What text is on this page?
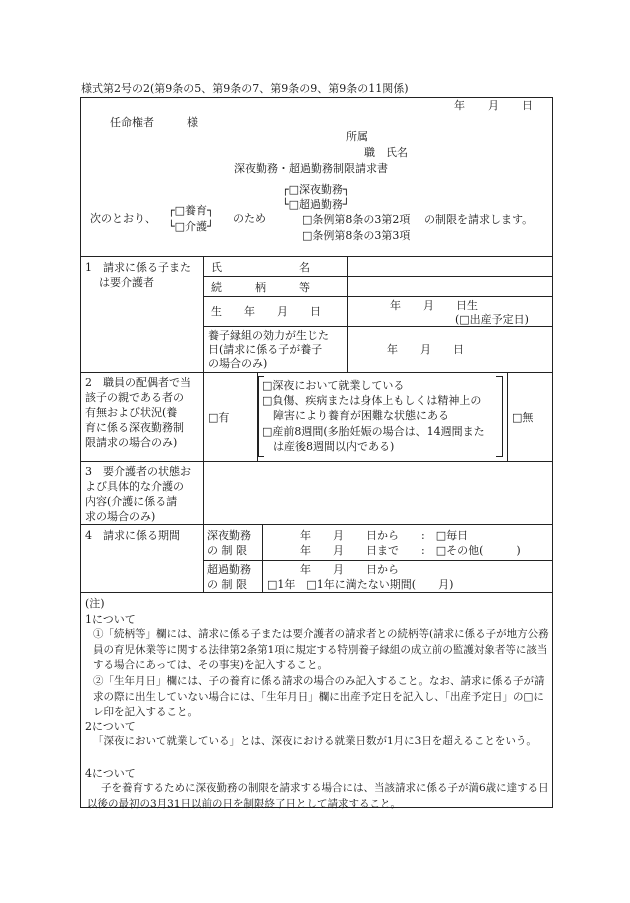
様式第2号の2(第9条の5、第9条の7、第9条の9、第9条の11関係)
年 月 日
任命権者　　　様
所属
職　氏名
深夜勤務・超過勤務制限請求書
次のとおり、
┌□養育┐
└□介護┘
のため
┌□深夜勤務┐
└□超過勤務┘
□条例第8条の3第2項
□条例第8条の3第3項
の制限を請求します。
1　請求に係る子また
は要介護者
氏　　　　　　　名
続　　　柄　　　等
生　　年　　月　　日	年　　月　　日生
(□出産予定日)
養子縁組の効力が生じた
日(請求に係る子が養子
の場合のみ)
年　　月　　日
2　職員の配偶者で当
該子の親である者の
有無および状況(養
育に係る深夜勤務制
限請求の場合のみ)
□有
□深夜において就業している
□負傷、疾病または身体上もしくは精神上の
　障害により養育が困難な状態にある
□産前8週間(多胎妊娠の場合は、14週間また
　は産後8週間以内である)
□無
3　要介護者の状態お
よび具体的な介護の
内容(介護に係る請
求の場合のみ)
4　請求に係る期間 深夜勤務
の 制 限
年　　月　　日から　　:　□毎日
年　　月　　日まで　　:　□その他(　　　)
超過勤務
の 制 限
年　　月　　日から
□1年　□1年に満たない期間(　　月)
(注)
1について
①「続柄等」欄には、請求に係る子または要介護者の請求者との続柄等(請求に係る子が地方公務員の育児休業等に関する法律第2条第1項に規定する特別養子縁組の成立前の監護対象者等に該当する場合にあっては、その事実)を記入すること。
②「生年月日」欄には、子の養育に係る請求の場合のみ記入すること。なお、請求に係る子が請求の際に出生していない場合には、「生年月日」欄に出産予定日を記入し、「出産予定日」の□にレ印を記入すること。
2について
「深夜において就業している」とは、深夜における就業日数が1月に3日を超えることをいう。
4について
子を養育するために深夜勤務の制限を請求する場合には、当該請求に係る子が満6歳に達する日以後の最初の3月31日以前の日を制限終了日として請求すること。
